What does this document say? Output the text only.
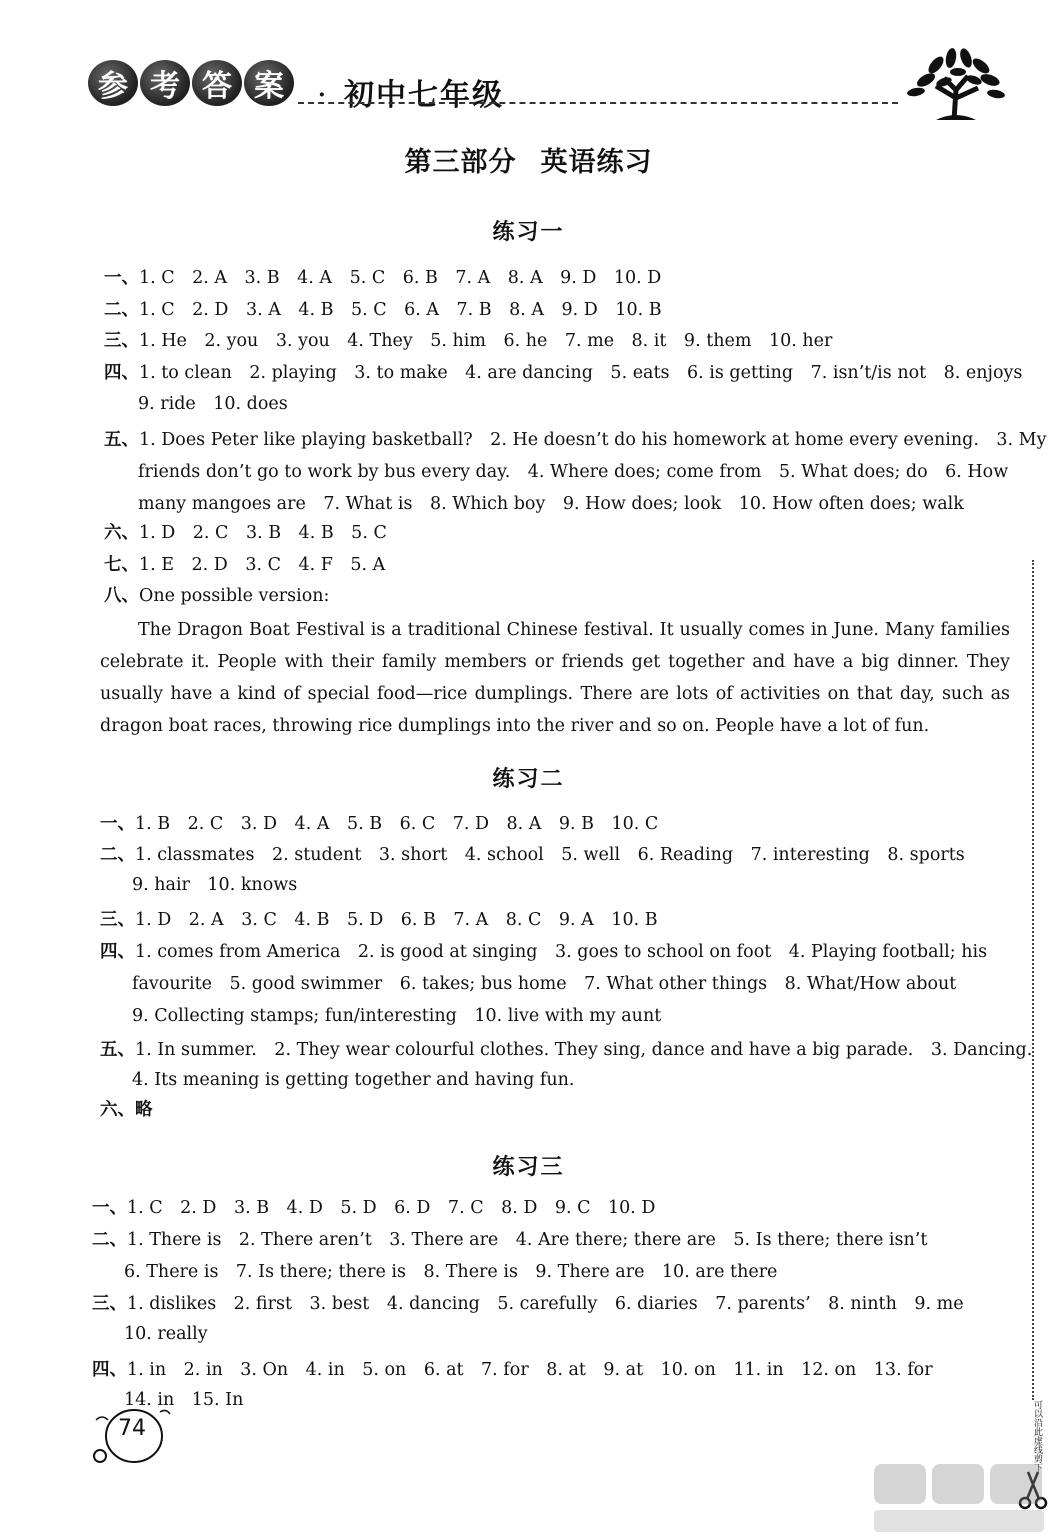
参 考 答 案	· 初中七年级
第三部分 英语练习
练习一
一、1. C　2. A　3. B　4. A　5. C　6. B　7. A　8. A　9. D　10. D
二、1. C　2. D　3. A　4. B　5. C　6. A　7. B　8. A　9. D　10. B
三、1. He　2. you　3. you　4. They　5. him　6. he　7. me　8. it　9. them　10. her
四、1. to clean　2. playing　3. to make　4. are dancing　5. eats　6. is getting　7. isn’t/is not　8. enjoys
9. ride　10. does
五、1. Does Peter like playing basketball?　2. He doesn’t do his homework at home every evening.　3. My
friends don’t go to work by bus every day.　4. Where does; come from　5. What does; do　6. How
many mangoes are　7. What is　8. Which boy　9. How does; look　10. How often does; walk
六、1. D　2. C　3. B　4. B　5. C
七、1. E　2. D　3. C　4. F　5. A
八、One possible version:
The Dragon Boat Festival is a traditional Chinese festival. It usually comes in June. Many families celebrate it. People with their family members or friends get together and have a big dinner. They usually have a kind of special food—rice dumplings. There are lots of activities on that day, such as dragon boat races, throwing rice dumplings into the river and so on. People have a lot of fun.
练习二
一、1. B　2. C　3. D　4. A　5. B　6. C　7. D　8. A　9. B　10. C
二、1. classmates　2. student　3. short　4. school　5. well　6. Reading　7. interesting　8. sports
9. hair　10. knows
三、1. D　2. A　3. C　4. B　5. D　6. B　7. A　8. C　9. A　10. B
四、1. comes from America　2. is good at singing　3. goes to school on foot　4. Playing football; his
favourite　5. good swimmer　6. takes; bus home　7. What other things　8. What/How about
9. Collecting stamps; fun/interesting　10. live with my aunt
五、1. In summer.　2. They wear colourful clothes. They sing, dance and have a big parade.　3. Dancing.
4. Its meaning is getting together and having fun.
六、略
练习三
一、1. C　2. D　3. B　4. D　5. D　6. D　7. C　8. D　9. C　10. D
二、1. There is　2. There aren’t　3. There are　4. Are there; there are　5. Is there; there isn’t
6. There is　7. Is there; there is　8. There is　9. There are　10. are there
三、1. dislikes　2. first　3. best　4. dancing　5. carefully　6. diaries　7. parents’　8. ninth　9. me
10. really
四、1. in　2. in　3. On　4. in　5. on　6. at　7. for　8. at　9. at　10. on　11. in　12. on　13. for
14. in　15. In	可以沿此虚线剪下
74
